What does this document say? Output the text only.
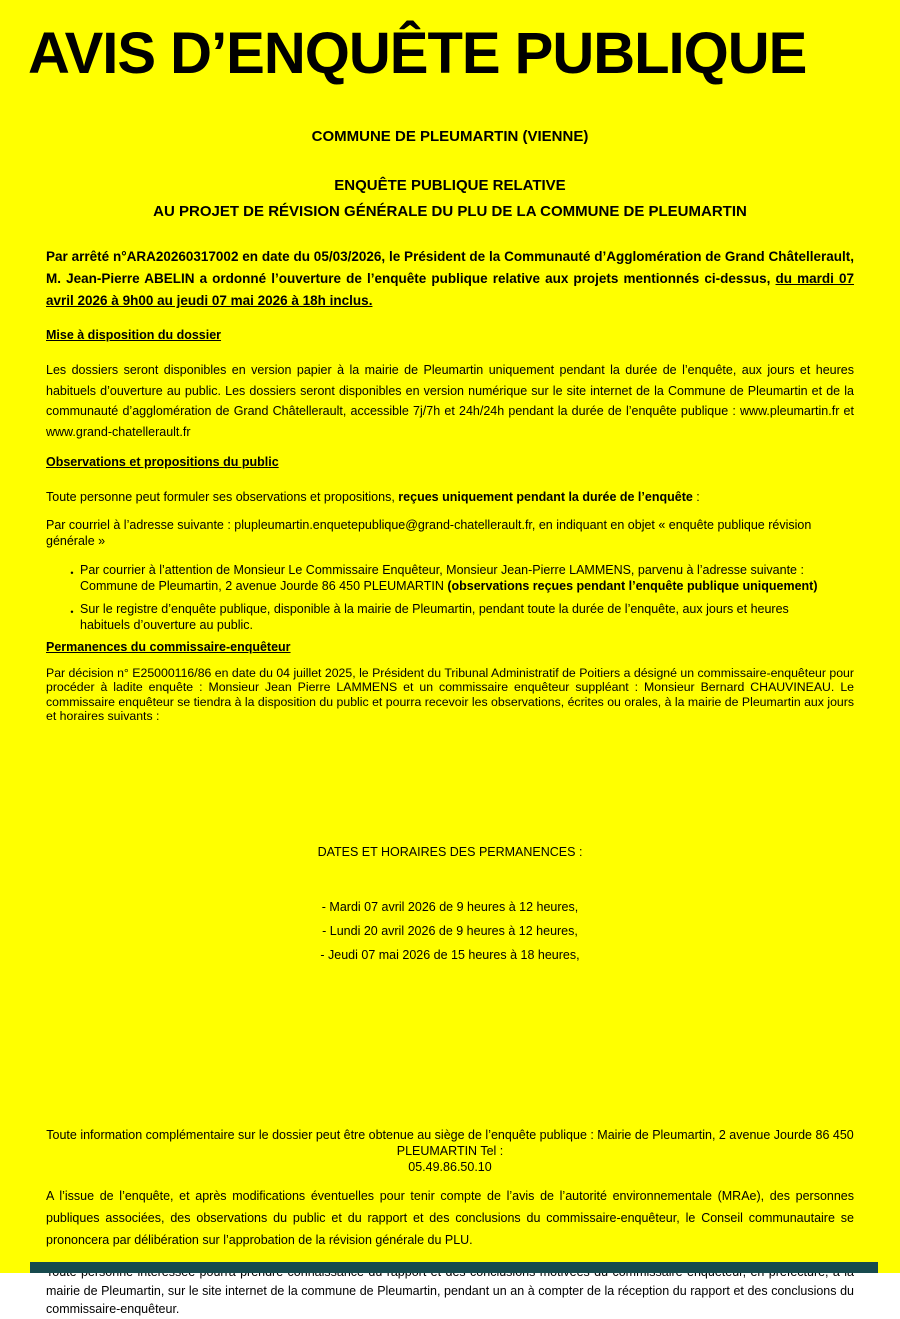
AVIS D’ENQUÊTE PUBLIQUE
COMMUNE DE PLEUMARTIN (VIENNE)
ENQUÊTE PUBLIQUE RELATIVE
AU PROJET DE RÉVISION GÉNÉRALE DU PLU DE LA COMMUNE DE PLEUMARTIN

Par arrêté n°ARA20260317002 en date du 05/03/2026, le Président de la Communauté d’Agglomération de Grand Châtellerault, M. Jean-Pierre ABELIN a ordonné l’ouverture de l’enquête publique relative aux projets mentionnés ci-dessus, du mardi 07 avril 2026 à 9h00 au jeudi 07 mai 2026 à 18h inclus.

Mise à disposition du dossier

Les dossiers seront disponibles en version papier à la mairie de Pleumartin uniquement pendant la durée de l’enquête, aux jours et heures habituels d’ouverture au public. Les dossiers seront disponibles en version numérique sur le site internet de la Commune de Pleumartin et de la communauté d’agglomération de Grand Châtellerault, accessible 7j/7h et 24h/24h pendant la durée de l’enquête publique : www.pleumartin.fr et www.grand-chatellerault.fr

Observations et propositions du public

Toute personne peut formuler ses observations et propositions, reçues uniquement pendant la durée de l’enquête :

Par courriel à l’adresse suivante : plupleumartin.enquetepublique@grand-chatellerault.fr, en indiquant en objet « enquête publique révision générale »

•
Par courrier à l’attention de Monsieur Le Commissaire Enquêteur, Monsieur Jean-Pierre LAMMENS, parvenu à l’adresse suivante : Commune de Pleumartin, 2 avenue Jourde 86 450 PLEUMARTIN (observations reçues pendant l’enquête publique uniquement)
•
Sur le registre d’enquête publique, disponible à la mairie de Pleumartin, pendant toute la durée de l’enquête, aux jours et heures habituels d’ouverture au public.
Permanences du commissaire-enquêteur

Par décision n° E25000116/86 en date du 04 juillet 2025, le Président du Tribunal Administratif de Poitiers a désigné un commissaire-enquêteur pour procéder à ladite enquête : Monsieur Jean Pierre LAMMENS et un commissaire enquêteur suppléant : Monsieur Bernard CHAUVINEAU. Le commissaire enquêteur se tiendra à la disposition du public et pourra recevoir les observations, écrites ou orales, à la mairie de Pleumartin aux jours et horaires suivants :

DATES ET HORAIRES DES PERMANENCES :
- Mardi 07 avril 2026 de 9 heures à 12 heures,
- Lundi 20 avril 2026 de 9 heures à 12 heures,
- Jeudi 07 mai 2026 de 15 heures à 18 heures,
Toute information complémentaire sur le dossier peut être obtenue au siège de l’enquête publique : Mairie de Pleumartin, 2 avenue Jourde 86 450 PLEUMARTIN Tel :
05.49.86.50.10

A l’issue de l’enquête, et après modifications éventuelles pour tenir compte de l’avis de l’autorité environnementale (MRAe), des personnes publiques associées, des observations du public et du rapport et des conclusions du commissaire-enquêteur, le Conseil communautaire se prononcera par délibération sur l’approbation de la révision générale du PLU.

mairie de Pleumartin, sur le site internet de la commune de Pleumartin, pendant un an à compter de la réception du rapport et des conclusions du commissaire-enquêteur.
